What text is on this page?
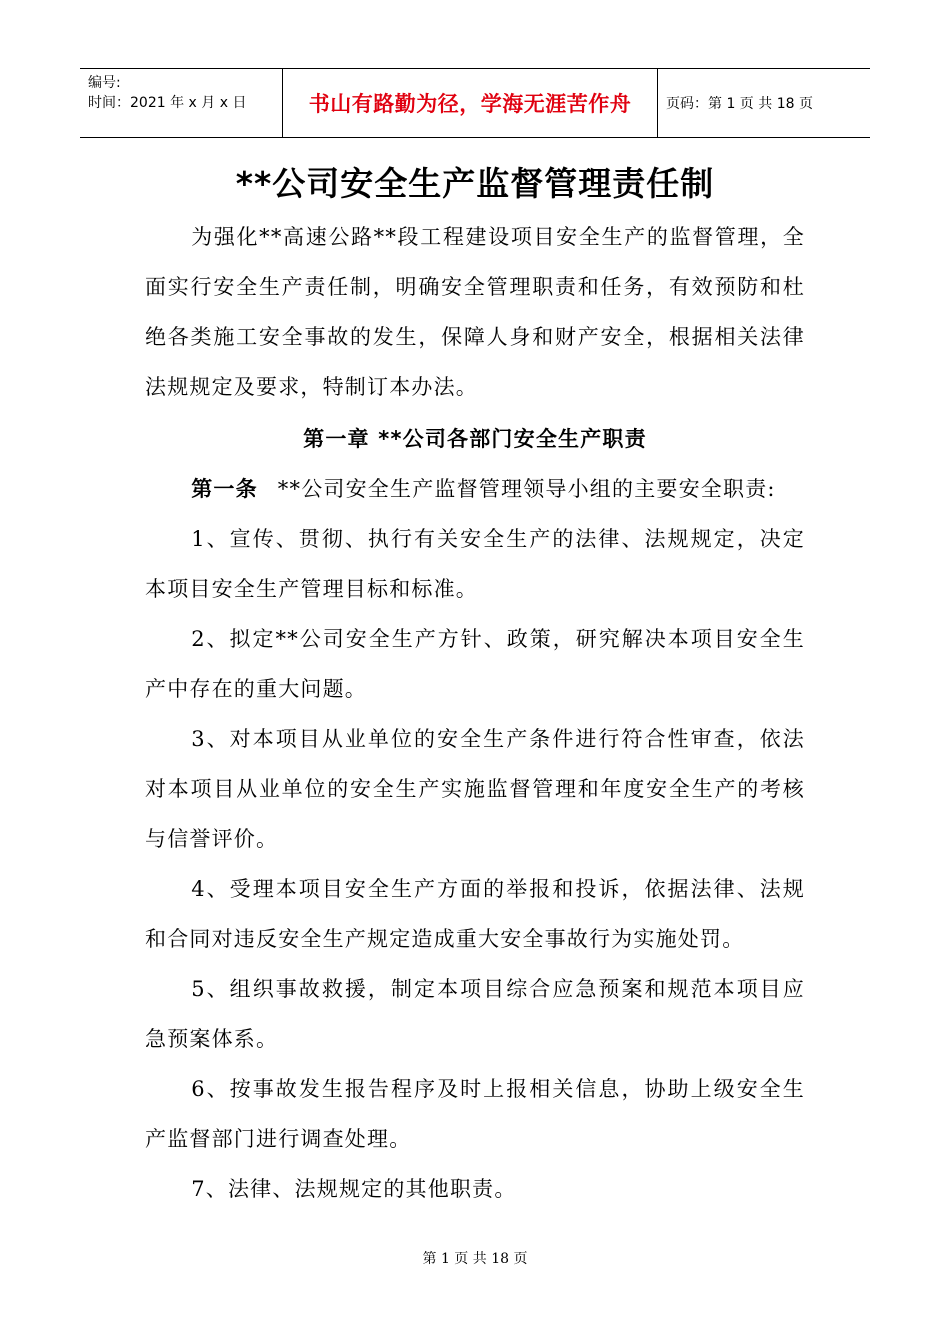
编号:
时间：2021 年 x 月 x 日	书山有路勤为径，学海无涯苦作舟	页码：第 1 页 共 18 页
**公司安全生产监督管理责任制

为强化**高速公路**段工程建设项目安全生产的监督管理，全面实行安全生产责任制，明确安全管理职责和任务，有效预防和杜绝各类施工安全事故的发生，保障人身和财产安全，根据相关法律法规规定及要求，特制订本办法。

第一章 **公司各部门安全生产职责

第一条 **公司安全生产监督管理领导小组的主要安全职责:

1、宣传、贯彻、执行有关安全生产的法律、法规规定，决定本项目安全生产管理目标和标准。

2、拟定**公司安全生产方针、政策，研究解决本项目安全生产中存在的重大问题。

3、对本项目从业单位的安全生产条件进行符合性审查，依法对本项目从业单位的安全生产实施监督管理和年度安全生产的考核与信誉评价。

4、受理本项目安全生产方面的举报和投诉，依据法律、法规和合同对违反安全生产规定造成重大安全事故行为实施处罚。

5、组织事故救援，制定本项目综合应急预案和规范本项目应急预案体系。

6、按事故发生报告程序及时上报相关信息，协助上级安全生产监督部门进行调查处理。

7、法律、法规规定的其他职责。

第 1 页 共 18 页
